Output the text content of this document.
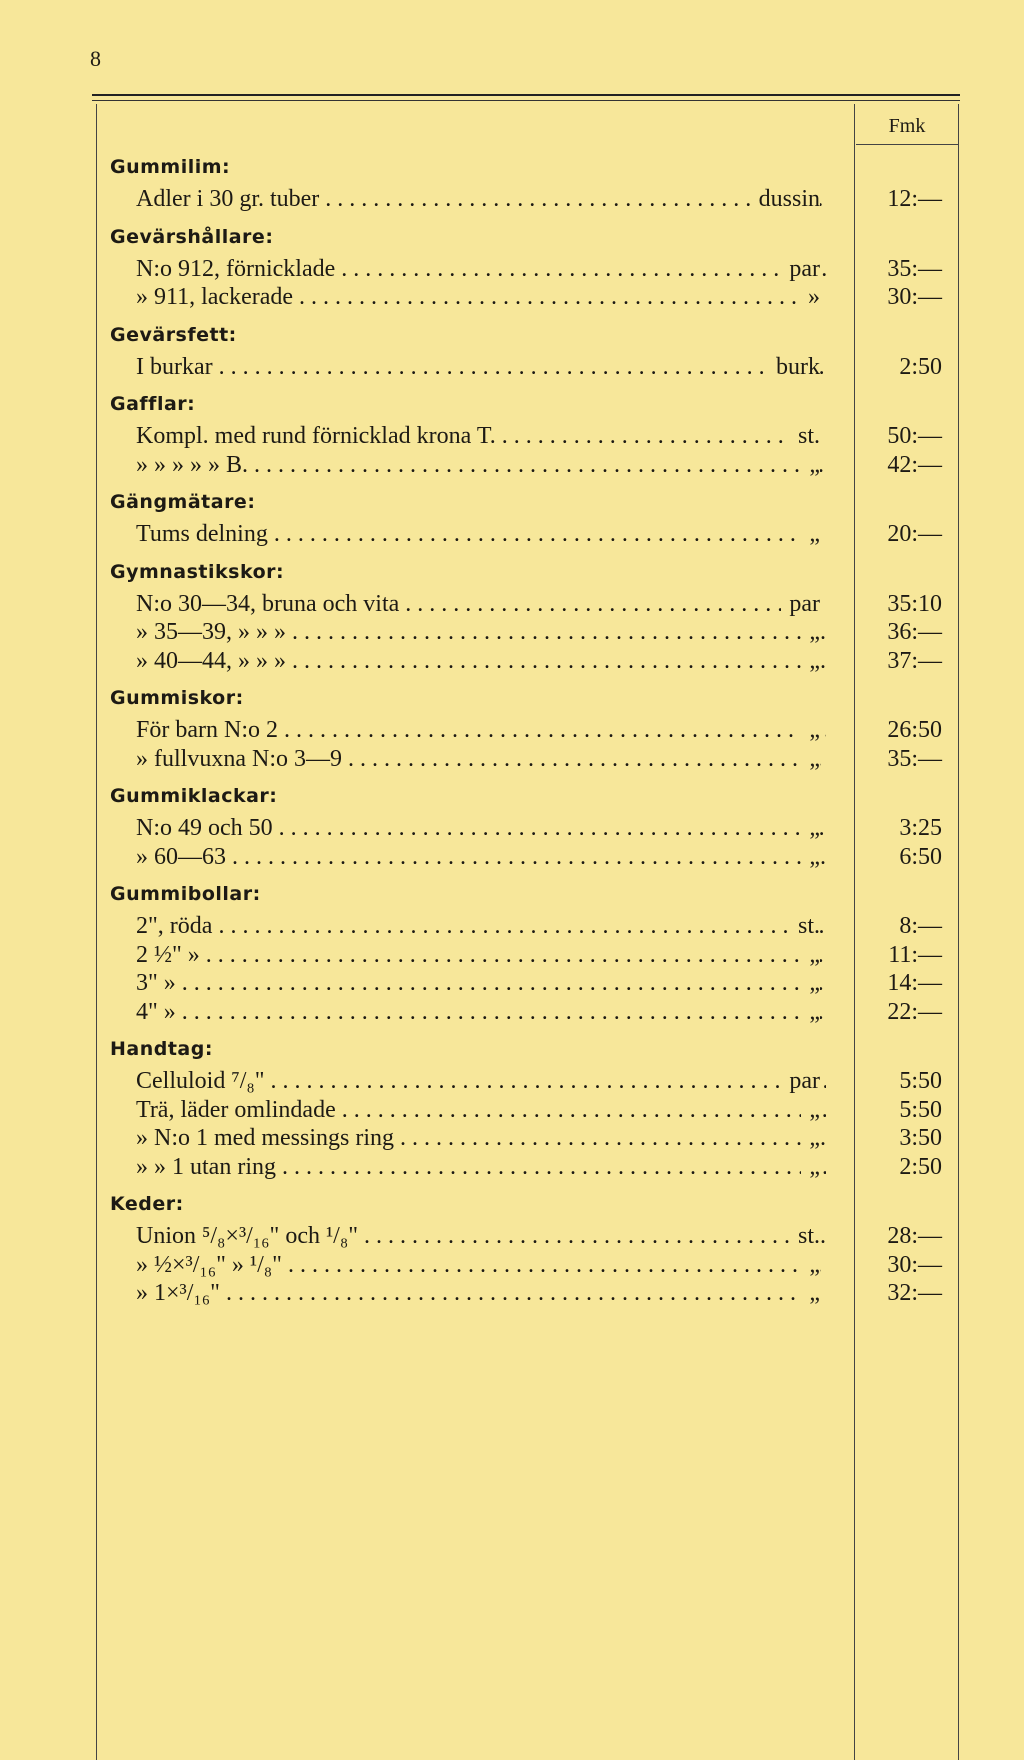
8
Fmk
Gummilim:
Adler i 30 gr. tuber . . .	dussin	12:—
Gevärshållare:
N:o 912, förnicklade . . .	par	35:—
» 911, lackerade . . .	»	30:—
Gevärsfett:
I burkar . . .	burk	2:50
Gafflar:
Kompl. med rund förnicklad krona T. . . .	st.	50:—
» » » » » B. . . .	„	42:—
Gängmätare:
Tums delning . . .	„	20:—
Gymnastikskor:
N:o 30—34, bruna och vita . . .	par	35:10
» 35—39, » » » . . .	„	36:—
» 40—44, » » » . . .	„	37:—
Gummiskor:
För barn N:o 2 . . .	„	26:50
» fullvuxna N:o 3—9 . . .	„	35:—
Gummiklackar:
N:o 49 och 50 . . .	„	3:25
» 60—63 . . .	„	6:50
Gummibollar:
2", röda . . .	st.	8:—
2 ½" » . . .	„	11:—
3" » . . .	„	14:—
4" » . . .	„	22:—
Handtag:
Celluloid ⁷/₈" . . .	par	5:50
Trä, läder omlindade . . .	„	5:50
» N:o 1 med messings ring . . .	„	3:50
» » 1 utan ring . . .	„	2:50
Keder:
Union ⁵/₈×³/₁₆" och ¹/₈" . . .	st.	28:—
» ½×³/₁₆" » ¹/₈" . . .	„	30:—
» 1×³/₁₆" . . .	„	32:—
